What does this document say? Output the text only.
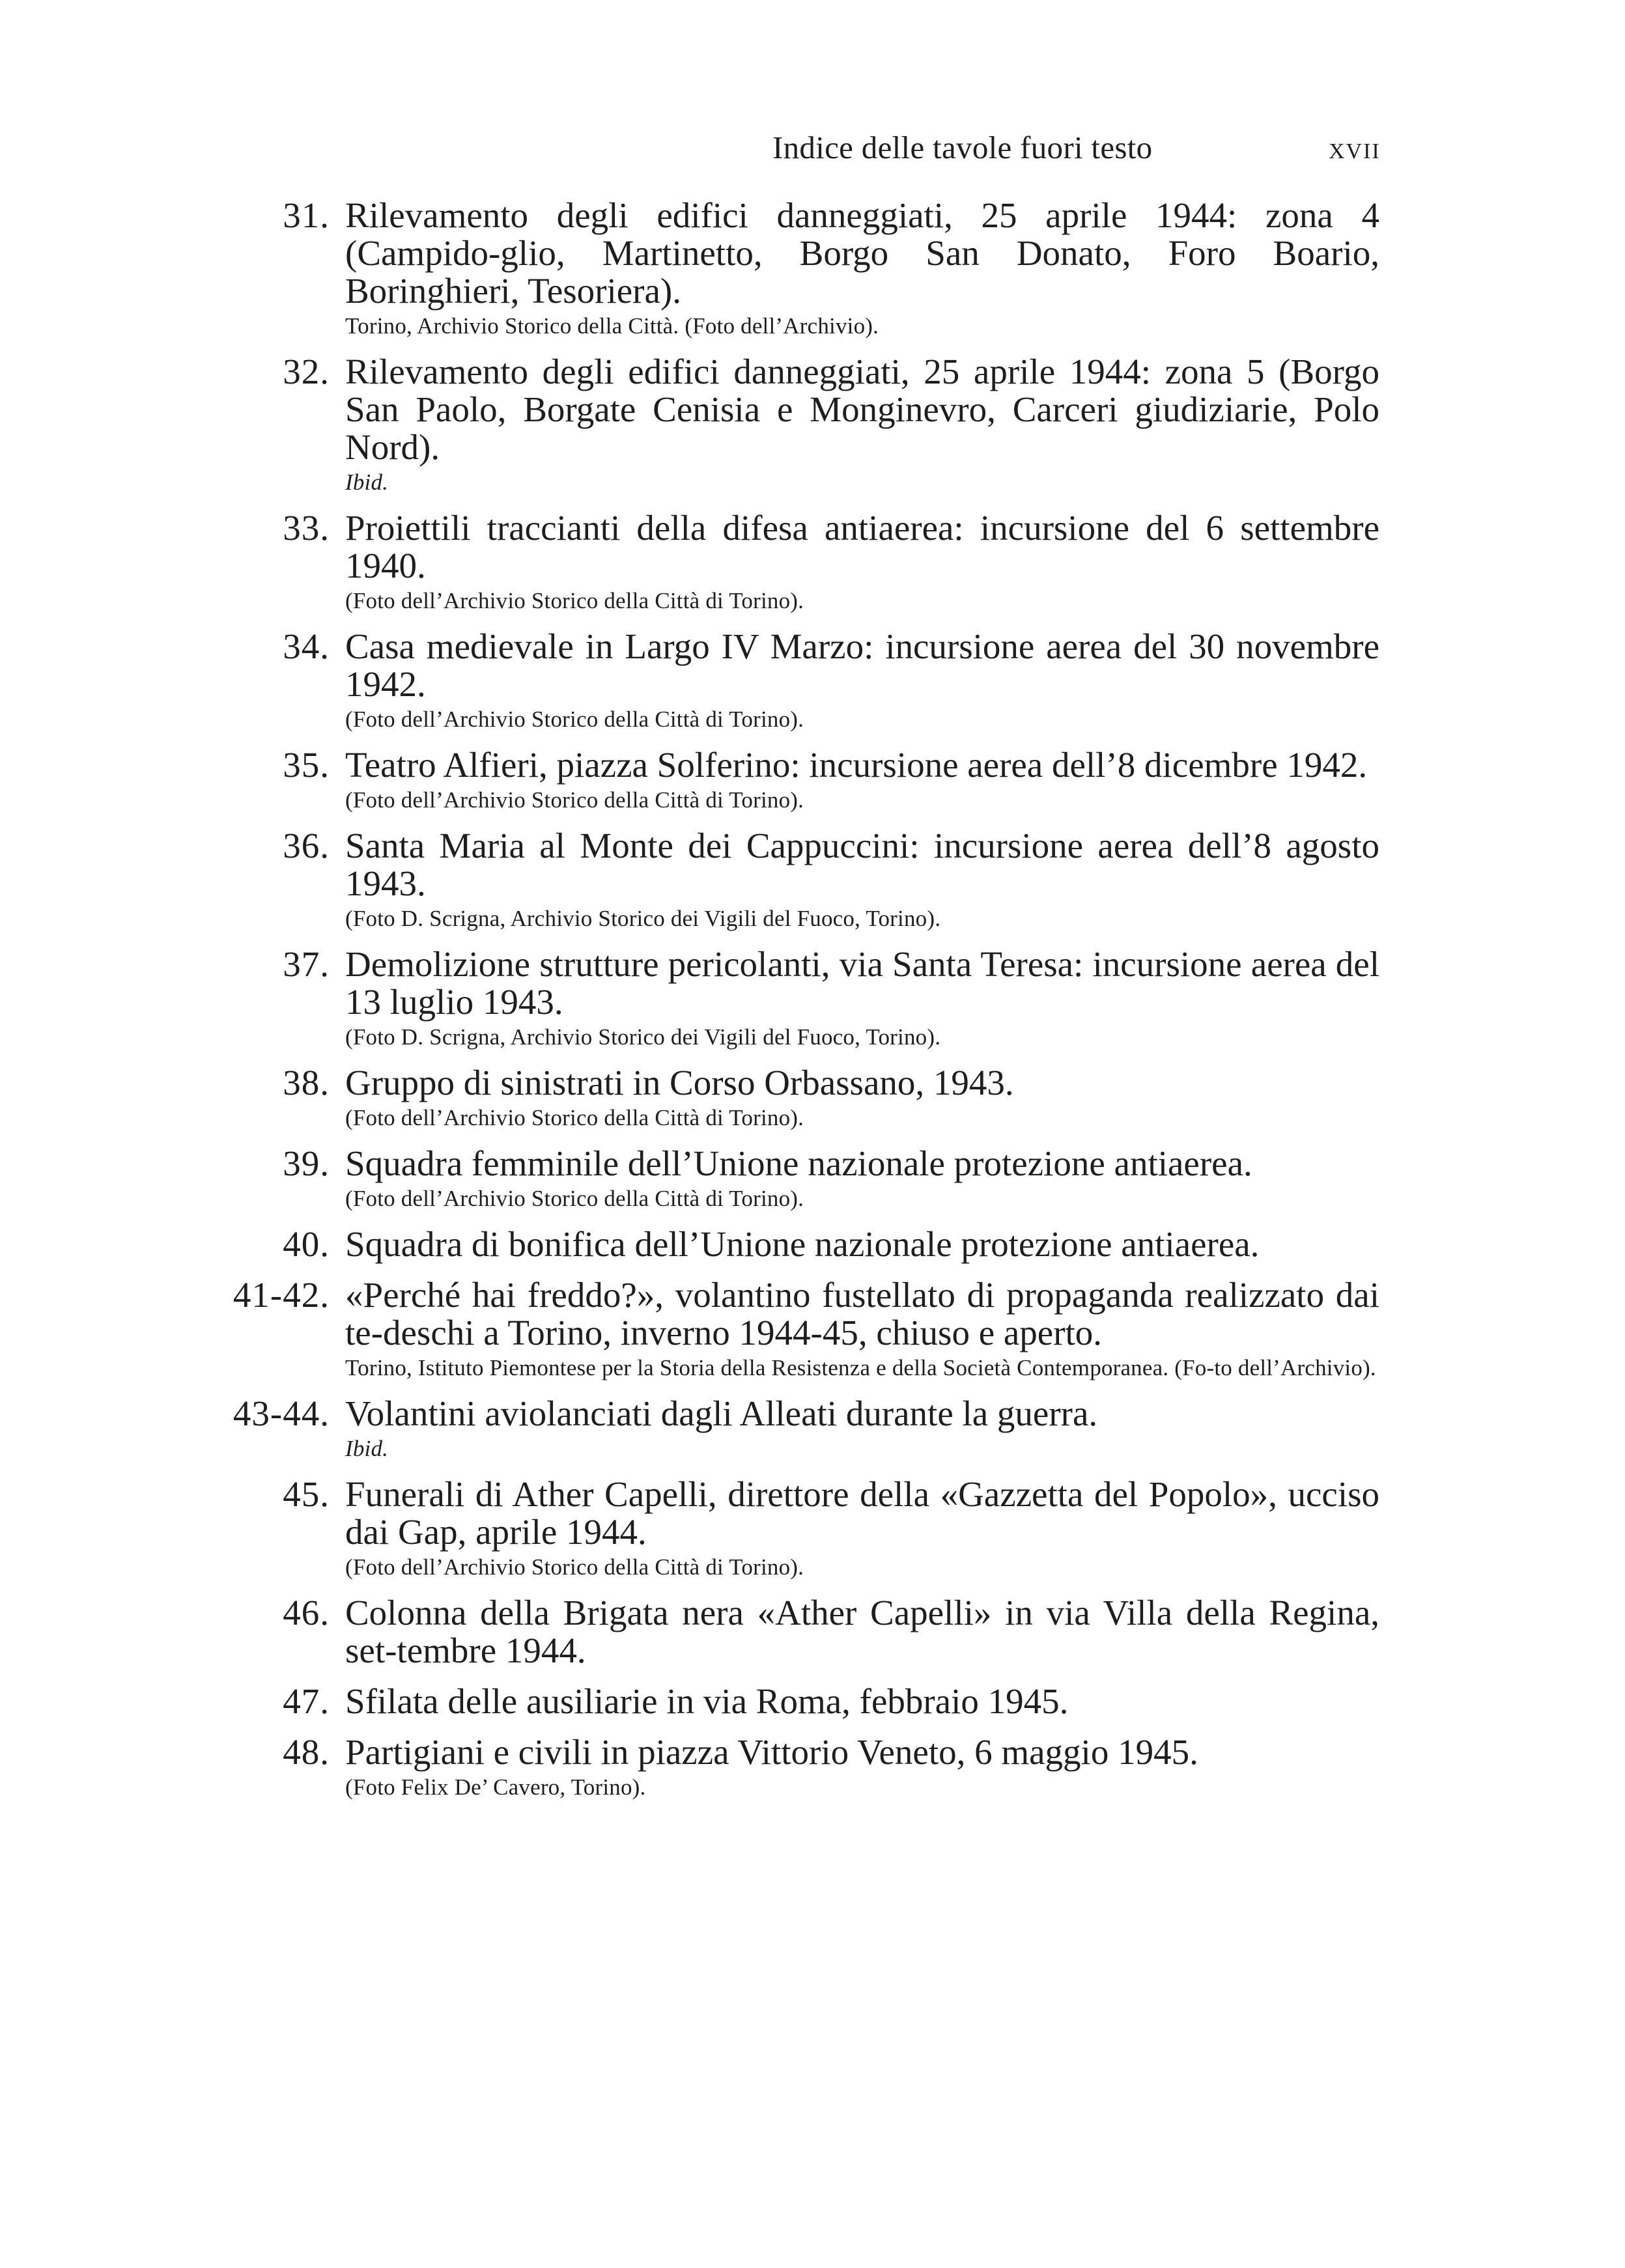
Indice delle tavole fuori testo	xvii
31. Rilevamento degli edifici danneggiati, 25 aprile 1944: zona 4 (Campido-glio, Martinetto, Borgo San Donato, Foro Boario, Boringhieri, Tesoriera).
Torino, Archivio Storico della Città. (Foto dell’Archivio).
32. Rilevamento degli edifici danneggiati, 25 aprile 1944: zona 5 (Borgo San Paolo, Borgate Cenisia e Monginevro, Carceri giudiziarie, Polo Nord).
Ibid.
33. Proiettili traccianti della difesa antiaerea: incursione del 6 settembre 1940.
(Foto dell’Archivio Storico della Città di Torino).
34. Casa medievale in Largo IV Marzo: incursione aerea del 30 novembre 1942.
(Foto dell’Archivio Storico della Città di Torino).
35. Teatro Alfieri, piazza Solferino: incursione aerea dell’8 dicembre 1942.
(Foto dell’Archivio Storico della Città di Torino).
36. Santa Maria al Monte dei Cappuccini: incursione aerea dell’8 agosto 1943.
(Foto D. Scrigna, Archivio Storico dei Vigili del Fuoco, Torino).
37. Demolizione strutture pericolanti, via Santa Teresa: incursione aerea del 13 luglio 1943.
(Foto D. Scrigna, Archivio Storico dei Vigili del Fuoco, Torino).
38. Gruppo di sinistrati in Corso Orbassano, 1943.
(Foto dell’Archivio Storico della Città di Torino).
39. Squadra femminile dell’Unione nazionale protezione antiaerea.
(Foto dell’Archivio Storico della Città di Torino).
40. Squadra di bonifica dell’Unione nazionale protezione antiaerea.
41-42. «Perché hai freddo?», volantino fustellato di propaganda realizzato dai te-deschi a Torino, inverno 1944-45, chiuso e aperto.
Torino, Istituto Piemontese per la Storia della Resistenza e della Società Contemporanea. (Fo-to dell’Archivio).
43-44. Volantini aviolanciati dagli Alleati durante la guerra.
Ibid.
45. Funerali di Ather Capelli, direttore della «Gazzetta del Popolo», ucciso dai Gap, aprile 1944.
(Foto dell’Archivio Storico della Città di Torino).
46. Colonna della Brigata nera «Ather Capelli» in via Villa della Regina, set-tembre 1944.
47. Sfilata delle ausiliarie in via Roma, febbraio 1945.
48. Partigiani e civili in piazza Vittorio Veneto, 6 maggio 1945.
(Foto Felix De’ Cavero, Torino).
